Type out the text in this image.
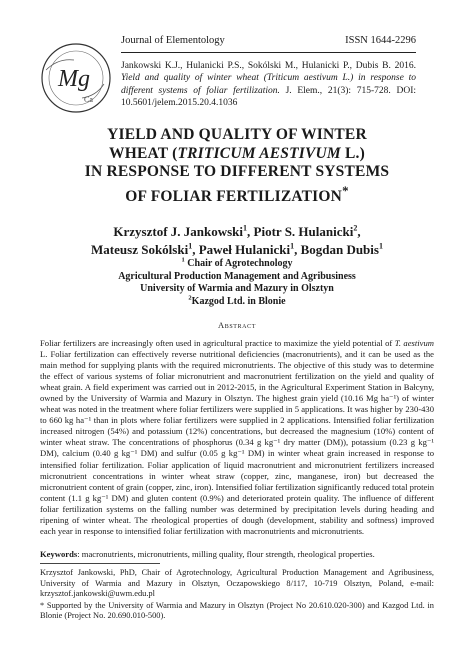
Mg
Ca
Journal of Elementology	ISSN 1644-2296
Jankowski K.J., Hulanicki P.S., Sokólski M., Hulanicki P., Dubis B. 2016. Yield and quality of winter wheat (Triticum aestivum L.) in response to different systems of foliar fertilization. J. Elem., 21(3): 715-728. DOI: 10.5601/jelem.2015.20.4.1036
YIELD AND QUALITY OF WINTER
WHEAT (TRITICUM AESTIVUM L.)
IN RESPONSE TO DIFFERENT SYSTEMS
OF FOLIAR FERTILIZATION*
Krzysztof J. Jankowski$^1$, Piotr S. Hulanicki$^2$,
Mateusz Sokólski$^1$, Paweł Hulanicki$^1$, Bogdan Dubis$^1$
$^1$ Chair of Agrotechnology
Agricultural Production Management and Agribusiness
University of Warmia and Mazury in Olsztyn
$^2$Kazgod Ltd. in Blonie
Abstract

Foliar fertilizers are increasingly often used in agricultural practice to maximize the yield potential of T. aestivum L. Foliar fertilization can effectively reverse nutritional deficiencies (macronutrients), and it can be used as the main method for supplying plants with the required micronutrients. The objective of this study was to determine the effect of various systems of foliar micronutrient and macronutrient fertilization on the yield and quality of wheat grain. A field experiment was carried out in 2012-2015, in the Agricultural Experiment Station in Bałcyny, owned by the University of Warmia and Mazury in Olsztyn. The highest grain yield (10.16 Mg ha⁻¹) of winter wheat was noted in the treatment where foliar fertilizers were supplied in 5 applications. It was higher by 230-430 to 660 kg ha⁻¹ than in plots where foliar fertilizers were supplied in 2 applications. Intensified foliar fertilization increased nitrogen (54%) and potassium (12%) concentrations, but decreased the magnesium (10%) content of winter wheat straw. The concentrations of phosphorus (0.34 g kg⁻¹ dry matter (DM)), potassium (0.23 g kg⁻¹ DM), calcium (0.40 g kg⁻¹ DM) and sulfur (0.05 g kg⁻¹ DM) in winter wheat grain increased in response to intensified foliar fertilization. Foliar application of liquid macronutrient and micronutrient fertilizers increased micronutrient concentrations in winter wheat straw (copper, zinc, manganese, iron) but decreased the micronutrient content of grain (copper, zinc, iron). Intensified foliar fertilization significantly reduced total protein content (1.1 g kg⁻¹ DM) and gluten content (0.9%) and deteriorated protein quality. The influence of different foliar fertilization systems on the falling number was determined by precipitation levels during heading and ripening of winter wheat. The rheological properties of dough (development, stability and softness) improved each year in response to intensified foliar fertilization with macronutrients and micronutrients.

Keywords: macronutrients, micronutrients, milling quality, flour strength, rheological properties.

Krzysztof Jankowski, PhD, Chair of Agrotechnology, Agricultural Production Management and Agribusiness, University of Warmia and Mazury in Olsztyn, Oczapowskiego 8/117, 10-719 Olsztyn, Poland, e-mail: krzysztof.jankowski@uwm.edu.pl

* Supported by the University of Warmia and Mazury in Olsztyn (Project No 20.610.020-300) and Kazgod Ltd. in Blonie (Project No. 20.690.010-500).
